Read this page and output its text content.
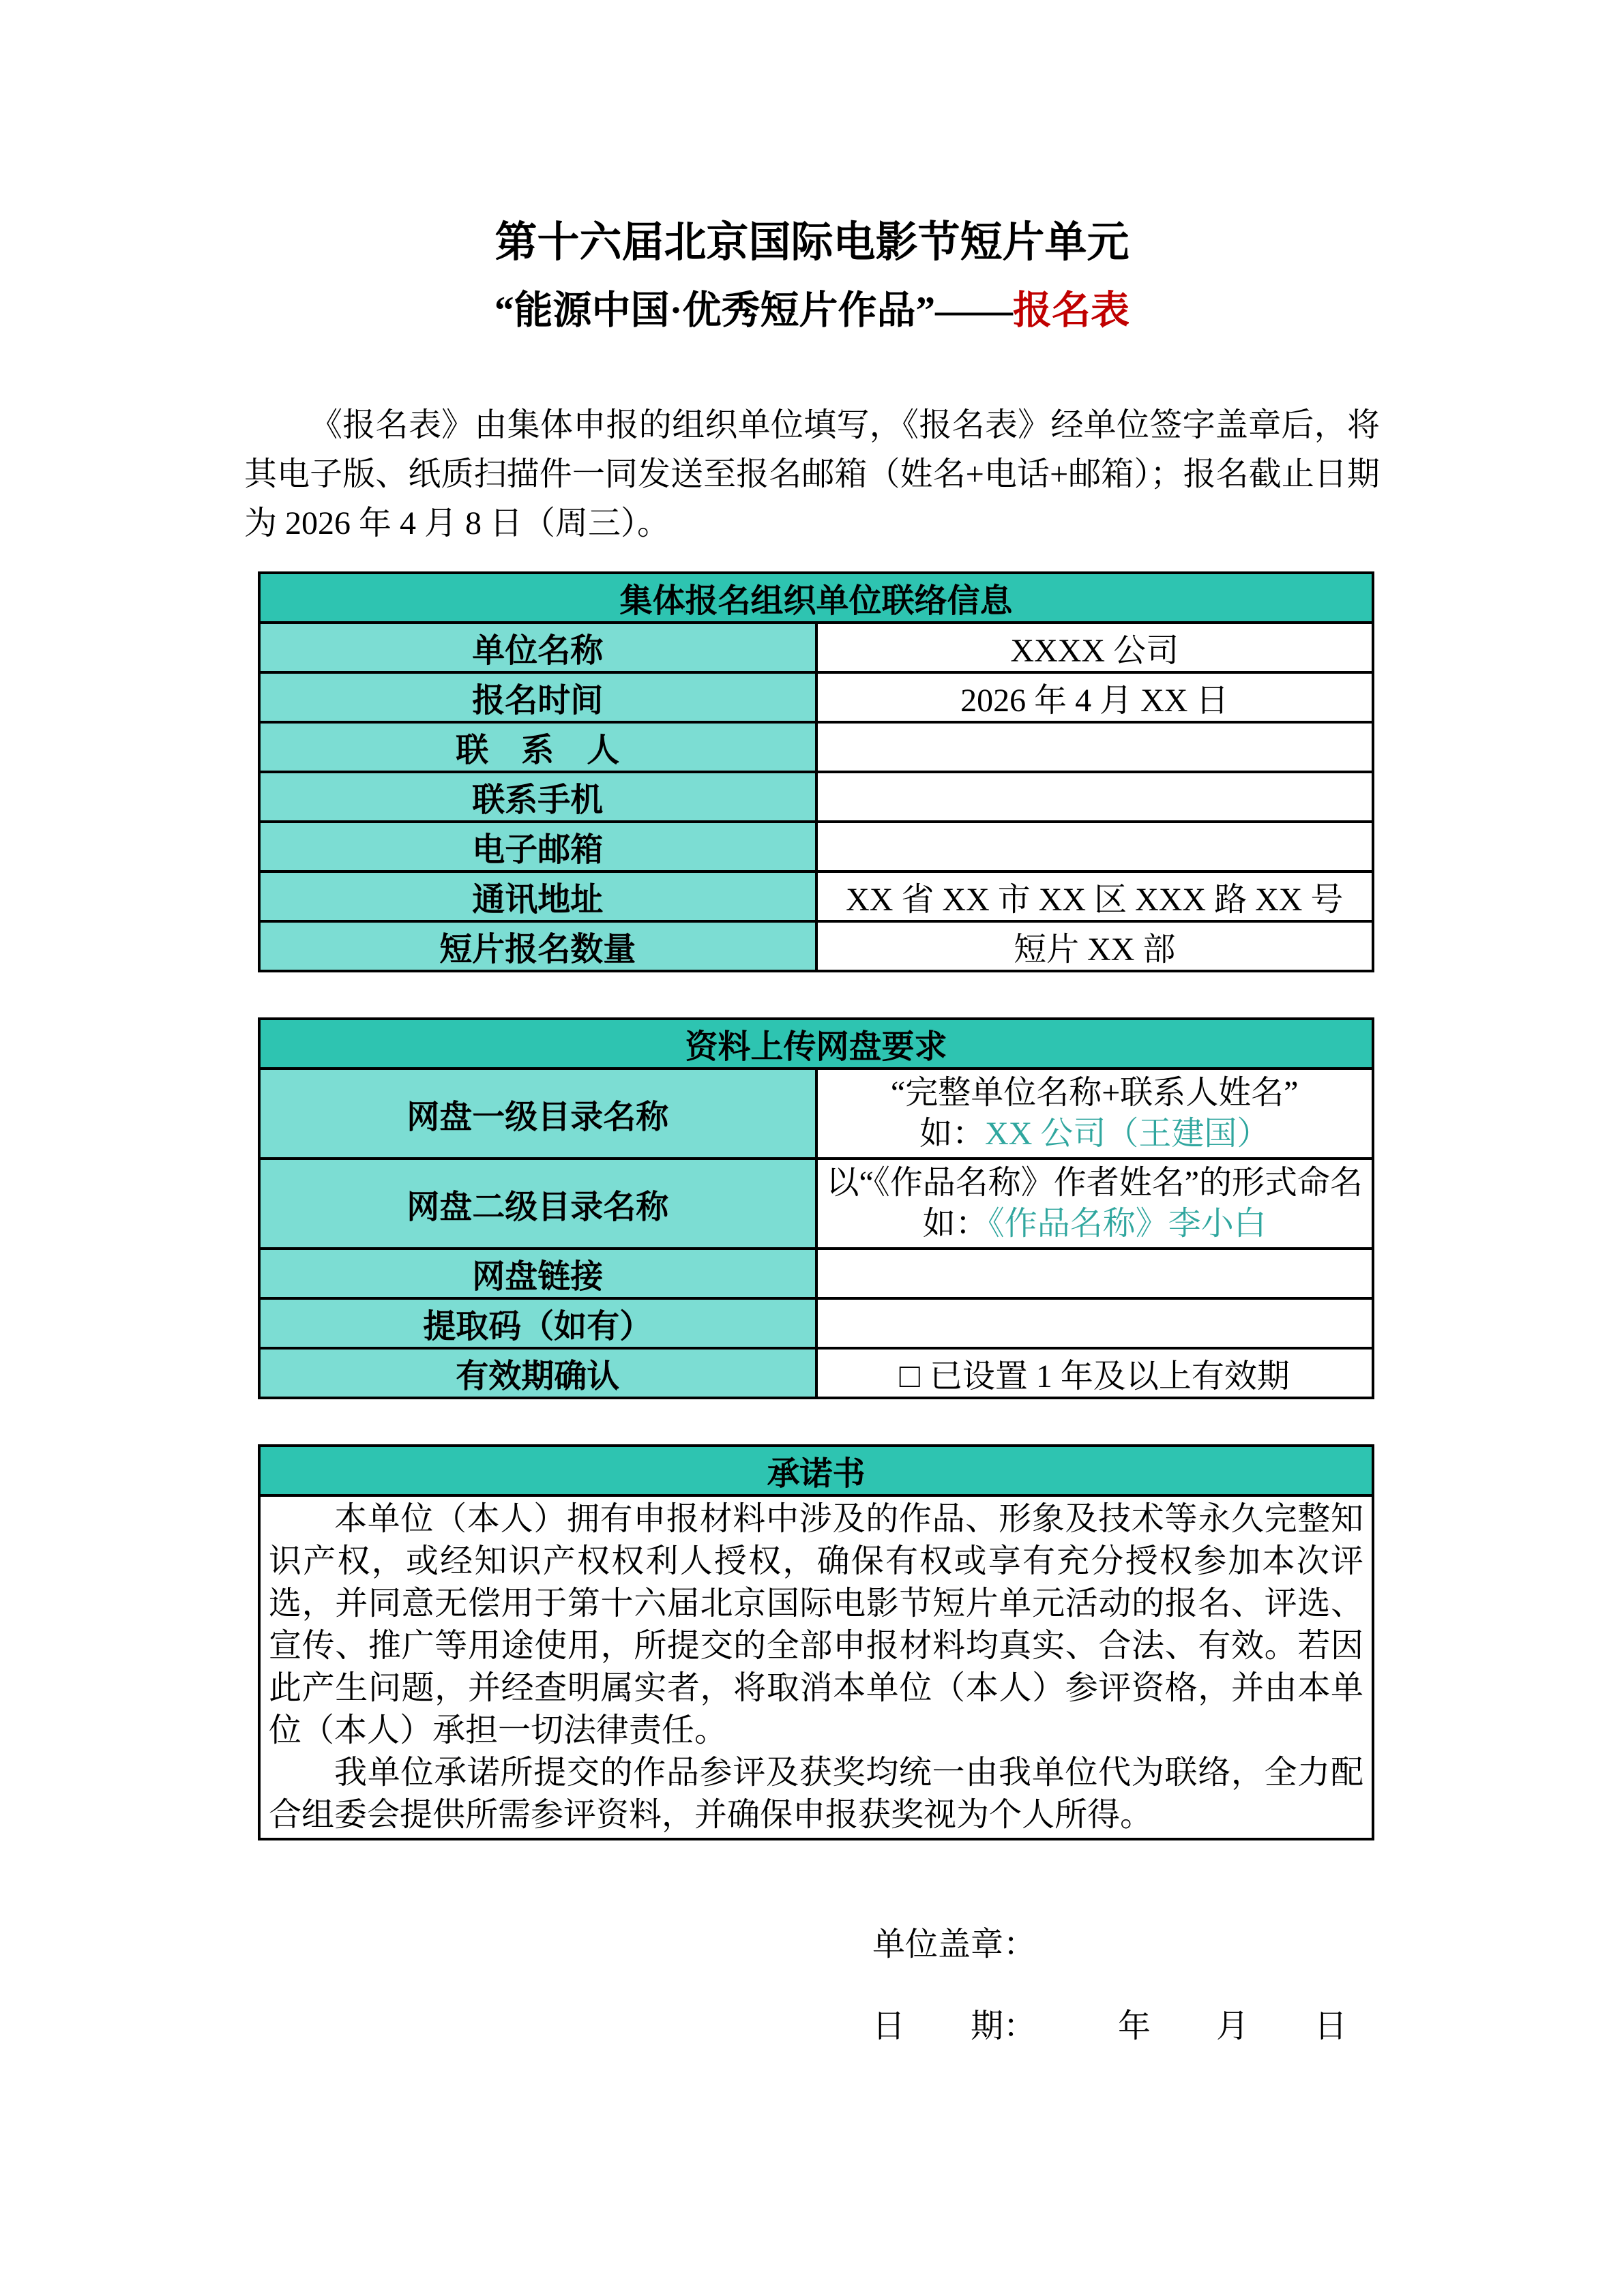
第十六届北京国际电影节短片单元
“能源中国·优秀短片作品”——报名表

《报名表》由集体申报的组织单位填写，《报名表》经单位签字盖章后，将其电子版、纸质扫描件一同发送至报名邮箱（姓名+电话+邮箱）；报名截止日期为 2026 年 4 月 8 日（周三）。

集体报名组织单位联络信息	
单位名称	XXXX 公司
报名时间	2026 年 4 月 XX 日
联　系　人	
联系手机	
电子邮箱	
通讯地址	XX 省 XX 市 XX 区 XXX 路 XX 号
短片报名数量	短片 XX 部
资料上传网盘要求	
网盘一级目录名称	“完整单位名称+联系人姓名”
如：XX 公司（王建国）

网盘二级目录名称	以“《作品名称》作者姓名”的形式命名
如：《作品名称》李小白

网盘链接	
提取码（如有）	
有效期确认	□ 已设置 1 年及以上有效期
承诺书

本单位（本人）拥有申报材料中涉及的作品、形象及技术等永久完整知识产权，或经知识产权权利人授权，确保有权或享有充分授权参加本次评选，并同意无偿用于第十六届北京国际电影节短片单元活动的报名、评选、宣传、推广等用途使用，所提交的全部申报材料均真实、合法、有效。若因此产生问题，并经查明属实者，将取消本单位（本人）参评资格，并由本单位（本人）承担一切法律责任。

我单位承诺所提交的作品参评及获奖均统一由我单位代为联络，全力配合组委会提供所需参评资料，并确保申报获奖视为个人所得。

单位盖章：
日　　期：　　　年　　月　　日
